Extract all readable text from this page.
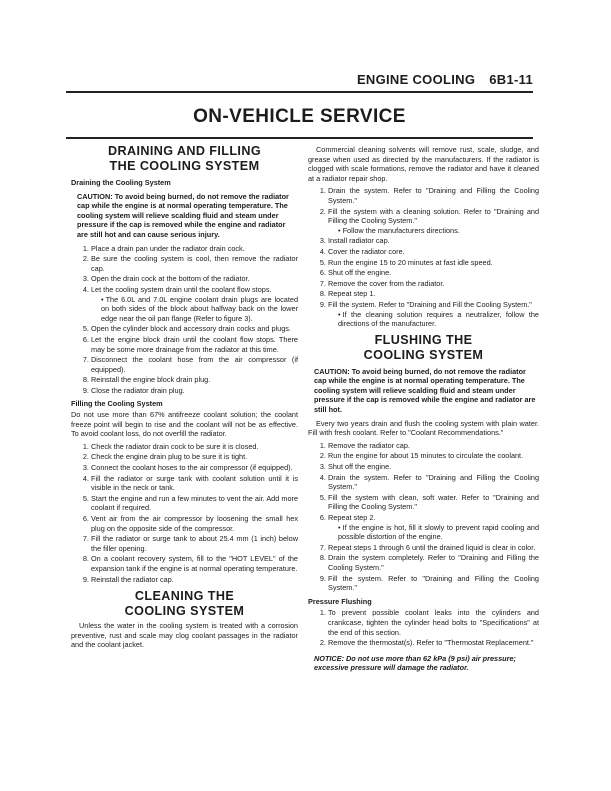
ENGINE COOLING 6B1-11
ON-VEHICLE SERVICE
DRAINING AND FILLING
THE COOLING SYSTEM
Draining the Cooling System
CAUTION: To avoid being burned, do not remove the radiator cap while the engine is at normal operating temperature. The cooling system will relieve scalding fluid and steam under pressure if the cap is removed while the engine and radiator are still hot and can cause serious injury.
1. Place a drain pan under the radiator drain cock.
2. Be sure the cooling system is cool, then remove the radiator cap.
3. Open the drain cock at the bottom of the radiator.
4. Let the cooling system drain until the coolant flow stops.
• The 6.0L and 7.0L engine coolant drain plugs are located on both sides of the block about halfway back on the lower edge near the oil pan flange (Refer to figure 3).
5. Open the cylinder block and accessory drain cocks and plugs.
6. Let the engine block drain until the coolant flow stops. There may be some more drainage from the radiator at this time.
7. Disconnect the coolant hose from the air compressor (if equipped).
8. Reinstall the engine block drain plug.
9. Close the radiator drain plug.
Filling the Cooling System

Do not use more than 67% antifreeze coolant solution; the coolant freeze point will begin to rise and the coolant will not be as effective. To avoid coolant loss, do not overfill the radiator.

1. Check the radiator drain cock to be sure it is closed.
2. Check the engine drain plug to be sure it is tight.
3. Connect the coolant hoses to the air compressor (if equipped).
4. Fill the radiator or surge tank with coolant solution until it is visible in the neck or tank.
5. Start the engine and run a few minutes to vent the air. Add more coolant if required.
6. Vent air from the air compressor by loosening the small hex plug on the opposite side of the compressor.
7. Fill the radiator or surge tank to about 25.4 mm (1 inch) below the filler opening.
8. On a coolant recovery system, fill to the "HOT LEVEL" of the expansion tank if the engine is at normal operating temperature.
9. Reinstall the radiator cap.
CLEANING THE
COOLING SYSTEM

Unless the water in the cooling system is treated with a corrosion preventive, rust and scale may clog coolant passages in the radiator and the coolant jacket.

Commercial cleaning solvents will remove rust, scale, sludge, and grease when used as directed by the manufacturers. If the radiator is clogged with scale formations, remove the radiator and have it cleaned at a radiator repair shop.

1. Drain the system. Refer to "Draining and Filling the Cooling System."
2. Fill the system with a cleaning solution. Refer to "Draining and Filling the Cooling System."
• Follow the manufacturers directions.
3. Install radiator cap.
4. Cover the radiator core.
5. Run the engine 15 to 20 minutes at fast idle speed.
6. Shut off the engine.
7. Remove the cover from the radiator.
8. Repeat step 1.
9. Fill the system. Refer to "Draining and Fill the Cooling System."
• If the cleaning solution requires a neutralizer, follow the directions of the manufacturer.
FLUSHING THE
COOLING SYSTEM
CAUTION: To avoid being burned, do not remove the radiator cap while the engine is at normal operating temperature. The cooling system will relieve scalding fluid and steam under pressure if the cap is removed while the engine and radiator are still hot.

Every two years drain and flush the cooling system with plain water. Fill with fresh coolant. Refer to "Coolant Recommendations."

1. Remove the radiator cap.
2. Run the engine for about 15 minutes to circulate the coolant.
3. Shut off the engine.
4. Drain the system. Refer to "Draining and Filling the Cooling System."
5. Fill the system with clean, soft water. Refer to "Draining and Filling the Cooling System."
6. Repeat step 2.
• If the engine is hot, fill it slowly to prevent rapid cooling and possible distortion of the engine.
7. Repeat steps 1 through 6 until the drained liquid is clear in color.
8. Drain the system completely. Refer to "Draining and Filling the Cooling System."
9. Fill the system. Refer to "Draining and Filling the Cooling System."
Pressure Flushing
1. To prevent possible coolant leaks into the cylinders and crankcase, tighten the cylinder head bolts to "Specifications" at the end of this section.
2. Remove the thermostat(s). Refer to "Thermostat Replacement."
NOTICE: Do not use more than 62 kPa (9 psi) air pressure; excessive pressure will damage the radiator.
